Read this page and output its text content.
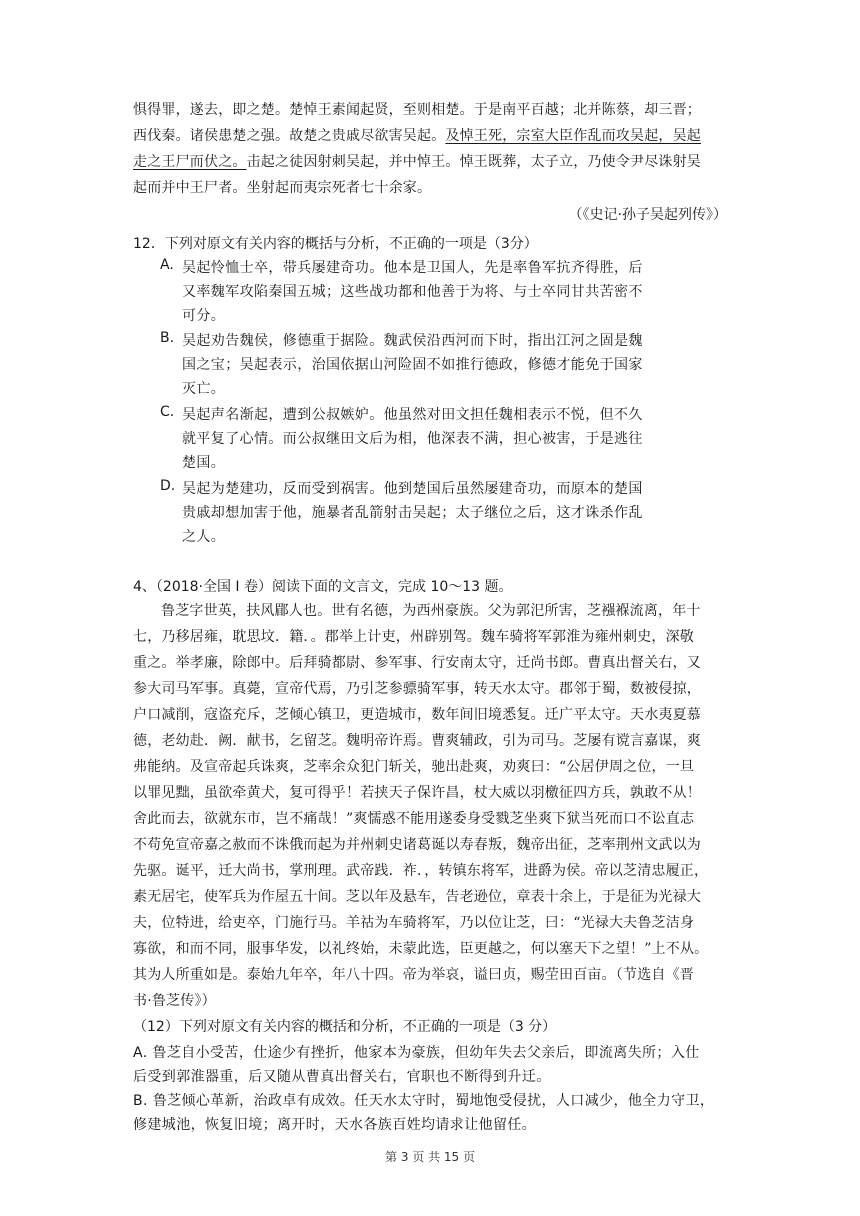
惧得罪，遂去，即之楚。楚悼王素闻起贤，至则相楚。于是南平百越；北并陈蔡，却三晋；
西伐秦。诸侯患楚之强。故楚之贵戚尽欲害吴起。及悼王死，宗室大臣作乱而攻吴起，吴起
走之王尸而伏之。击起之徒因射刺吴起，并中悼王。悼王既葬，太子立，乃使令尹尽诛射吴
起而并中王尸者。坐射起而夷宗死者七十余家。
（《史记·孙子吴起列传》）
12．下列对原文有关内容的概括与分析，不正确的一项是（3分）
A. 吴起怜恤士卒，带兵屡建奇功。他本是卫国人，先是率鲁军抗齐得胜，后
又率魏军攻陷秦国五城；这些战功都和他善于为将、与士卒同甘共苦密不
可分。
B. 吴起劝告魏侯，修德重于据险。魏武侯沿西河而下时，指出江河之固是魏
国之宝；吴起表示，治国依据山河险固不如推行德政，修德才能免于国家
灭亡。
C. 吴起声名渐起，遭到公叔嫉妒。他虽然对田文担任魏相表示不悦，但不久
就平复了心情。而公叔继田文后为相，他深表不满，担心被害，于是逃往
楚国。
D. 吴起为楚建功，反而受到祸害。他到楚国后虽然屡建奇功，而原本的楚国
贵戚却想加害于他，施暴者乱箭射击吴起；太子继位之后，这才诛杀作乱
之人。
4、（2018·全国 Ⅰ 卷）阅读下面的文言文，完成 10～13 题。
鲁芝字世英，扶风郿人也。世有名德，为西州豪族。父为郭汜所害，芝襁褓流离，年十
七，乃移居雍，耽思坟．籍．。郡举上计吏，州辟别驾。魏车骑将军郭淮为雍州刺史，深敬
重之。举孝廉，除郎中。后拜骑都尉、参军事、行安南太守，迁尚书郎。曹真出督关右，又
参大司马军事。真薨，宣帝代焉，乃引芝参骠骑军事，转天水太守。郡邻于蜀，数被侵掠，
户口减削，寇盗充斥，芝倾心镇卫，更造城市，数年间旧境悉复。迁广平太守。天水夷夏慕
德，老幼赴．阙．献书，乞留芝。魏明帝许焉。曹爽辅政，引为司马。芝屡有谠言嘉谋，爽
弗能纳。及宣帝起兵诛爽，芝率余众犯门斩关，驰出赴爽，劝爽曰：“公居伊周之位，一旦
以罪见黜，虽欲牵黄犬，复可得乎！若挟天子保许昌，杖大威以羽檄征四方兵，孰敢不从！
舍此而去，欲就东市，岂不痛哉！”爽懦惑不能用遂委身受戮芝坐爽下狱当死而口不讼直志
不苟免宣帝嘉之赦而不诛俄而起为并州刺史诸葛诞以寿春叛，魏帝出征，芝率荆州文武以为
先驱。诞平，迁大尚书，掌刑理。武帝践．祚．，转镇东将军，进爵为侯。帝以芝清忠履正，
素无居宅，使军兵为作屋五十间。芝以年及悬车，告老逊位，章表十余上，于是征为光禄大
夫，位特进，给吏卒，门施行马。羊祜为车骑将军，乃以位让芝，曰：“光禄大夫鲁芝洁身
寡欲，和而不同，服事华发，以礼终始，未蒙此选，臣更越之，何以塞天下之望！”上不从。
其为人所重如是。泰始九年卒，年八十四。帝为举哀，谥曰贞，赐茔田百亩。（节选自《晋
书·鲁芝传》）
（12）下列对原文有关内容的概括和分析，不正确的一项是（3 分）
A. 鲁芝自小受苦，仕途少有挫折，他家本为豪族，但幼年失去父亲后，即流离失所；入仕
后受到郭淮器重，后又随从曹真出督关右，官职也不断得到升迁。
B. 鲁芝倾心革新，治政卓有成效。任天水太守时，蜀地饱受侵扰，人口减少，他全力守卫，
修建城池，恢复旧境；离开时，天水各族百姓均请求让他留任。
第 3 页 共 15 页
